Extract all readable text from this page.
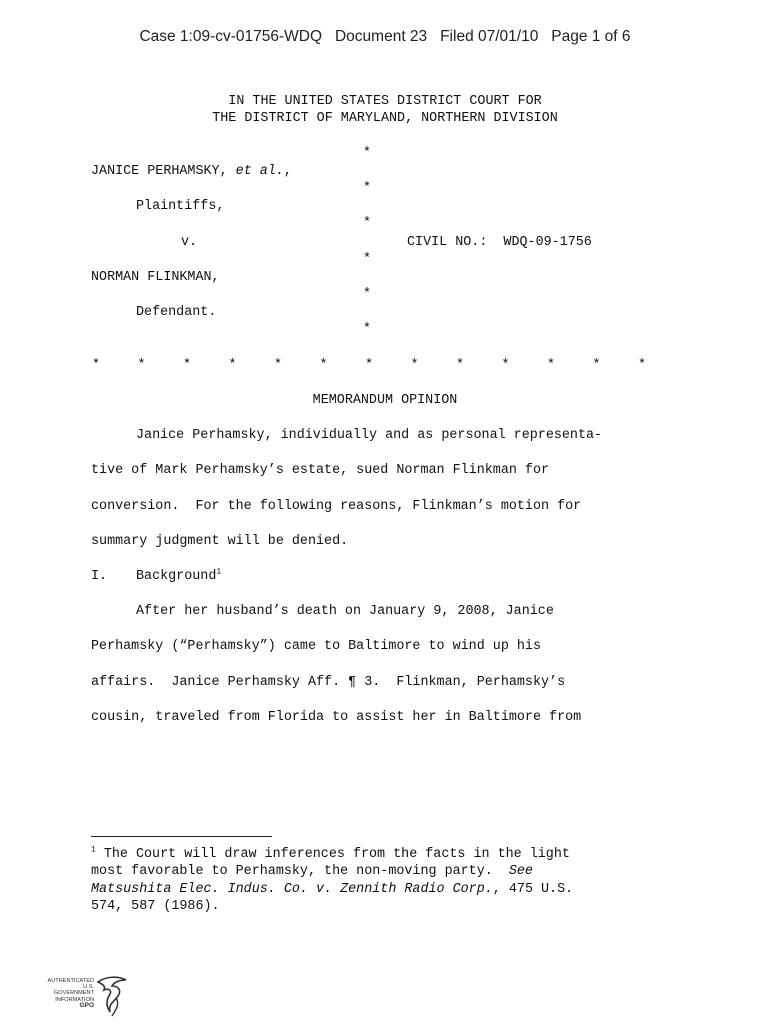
Case 1:09-cv-01756-WDQ   Document 23   Filed 07/01/10   Page 1 of 6
IN THE UNITED STATES DISTRICT COURT FOR
THE DISTRICT OF MARYLAND, NORTHERN DIVISION
*
*
*
*
*
*
JANICE PERHAMSKY, et al.,
Plaintiffs,
v.	CIVIL NO.:  WDQ-09-1756
NORMAN FLINKMAN,
Defendant.
*	*	*	*	*	*	*	*	*	*	*	*	*
MEMORANDUM OPINION
Janice Perhamsky, individually and as personal representa-
tive of Mark Perhamsky’s estate, sued Norman Flinkman for
conversion.  For the following reasons, Flinkman’s motion for
summary judgment will be denied.
I. Background$^1$
After her husband’s death on January 9, 2008, Janice
Perhamsky (“Perhamsky”) came to Baltimore to wind up his
affairs.  Janice Perhamsky Aff. ¶ 3.  Flinkman, Perhamsky’s
cousin, traveled from Florida to assist her in Baltimore from
$^1$ The Court will draw inferences from the facts in the light
most favorable to Perhamsky, the non-moving party.  See
Matsushita Elec. Indus. Co. v. Zennith Radio Corp., 475 U.S.
574, 587 (1986).
AUTHENTICATED
U.S. GOVERNMENT
INFORMATION
GPO
